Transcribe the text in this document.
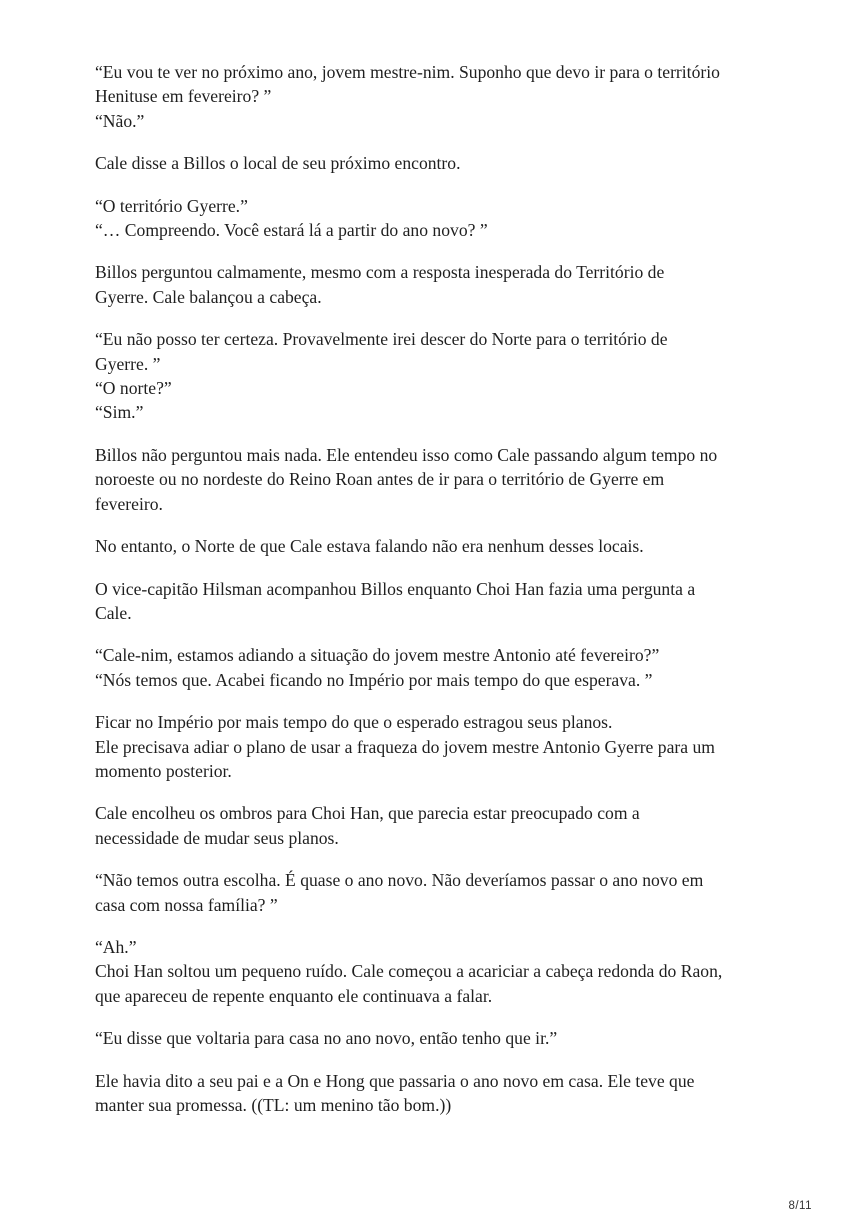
“Eu vou te ver no próximo ano, jovem mestre-nim. Suponho que devo ir para o território
Henituse em fevereiro? ”
“Não.”

Cale disse a Billos o local de seu próximo encontro.

“O território Gyerre.”
“… Compreendo. Você estará lá a partir do ano novo? ”

Billos perguntou calmamente, mesmo com a resposta inesperada do Território de
Gyerre. Cale balançou a cabeça.

“Eu não posso ter certeza. Provavelmente irei descer do Norte para o território de
Gyerre. ”
“O norte?”
“Sim.”

Billos não perguntou mais nada. Ele entendeu isso como Cale passando algum tempo no
noroeste ou no nordeste do Reino Roan antes de ir para o território de Gyerre em
fevereiro.

No entanto, o Norte de que Cale estava falando não era nenhum desses locais.

O vice-capitão Hilsman acompanhou Billos enquanto Choi Han fazia uma pergunta a
Cale.

“Cale-nim, estamos adiando a situação do jovem mestre Antonio até fevereiro?”
“Nós temos que. Acabei ficando no Império por mais tempo do que esperava. ”

Ficar no Império por mais tempo do que o esperado estragou seus planos.
Ele precisava adiar o plano de usar a fraqueza do jovem mestre Antonio Gyerre para um
momento posterior.

Cale encolheu os ombros para Choi Han, que parecia estar preocupado com a
necessidade de mudar seus planos.

“Não temos outra escolha. É quase o ano novo. Não deveríamos passar o ano novo em
casa com nossa família? ”

“Ah.”
Choi Han soltou um pequeno ruído. Cale começou a acariciar a cabeça redonda do Raon,
que apareceu de repente enquanto ele continuava a falar.

“Eu disse que voltaria para casa no ano novo, então tenho que ir.”

Ele havia dito a seu pai e a On e Hong que passaria o ano novo em casa. Ele teve que
manter sua promessa. ((TL: um menino tão bom.))

8/11
